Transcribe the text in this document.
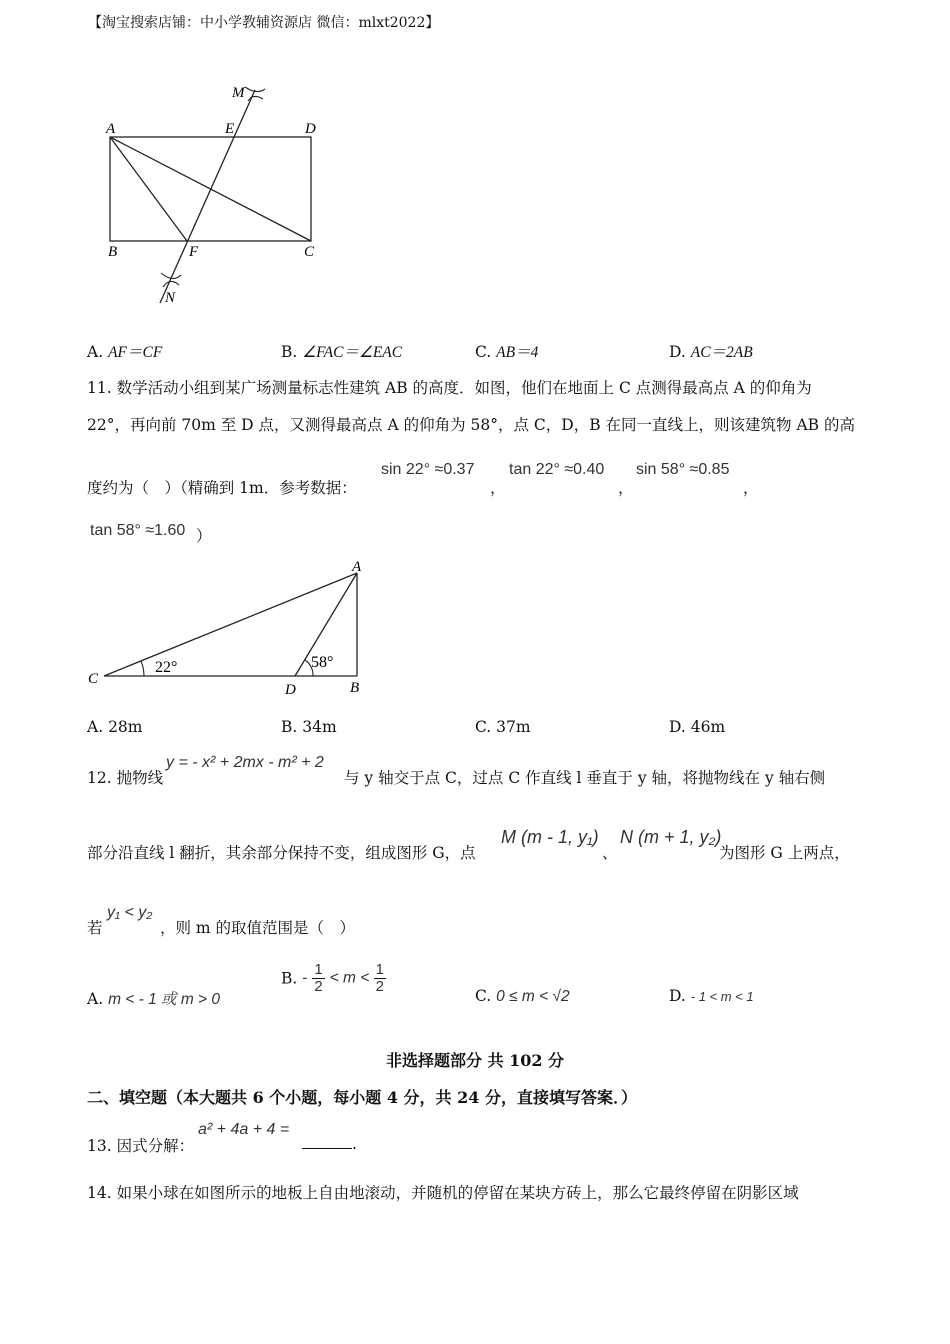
【淘宝搜索店铺：中小学教辅资源店 微信：mlxt2022】
M
A	E	D
B	F	C
N
A. AF＝CF	B. ∠FAC＝∠EAC	C. AB＝4	D. AC＝2AB
11. 数学活动小组到某广场测量标志性建筑 AB 的高度．如图，他们在地面上 C 点测得最高点 A 的仰角为
22°，再向前 70m 至 D 点，又测得最高点 A 的仰角为 58°，点 C，D，B 在同一直线上，则该建筑物 AB 的高
度约为（　）（精确到 1m．参考数据：
sin 22° ≈0.37
，
tan 22° ≈0.40
，
sin 58° ≈0.85
，
tan 58° ≈1.60 ）
A
C
D	B
22°	58°
A. 28m	B. 34m	C. 37m	D. 46m
12. 抛物线
y = - x² + 2mx - m² + 2
与 y 轴交于点 C，过点 C 作直线 l 垂直于 y 轴，将抛物线在 y 轴右侧
部分沿直线 l 翻折，其余部分保持不变，组成图形 G，点
M (m - 1, y₁)
、
N (m + 1, y₂)
为图形 G 上两点，
若
y₁ < y₂
，则 m 的取值范围是（　）
A. m < - 1 或 m > 0
B. - $\frac{1}{2} < m < \frac{1}{2}$
C. 0 ≤ m < √2	D. - 1 < m < 1
非选择题部分 共 102 分
二、填空题（本大题共 6 个小题，每小题 4 分，共 24 分，直接填写答案．）
13. 因式分解：
a² + 4a + 4 =
.
14. 如果小球在如图所示的地板上自由地滚动，并随机的停留在某块方砖上，那么它最终停留在阴影区域
